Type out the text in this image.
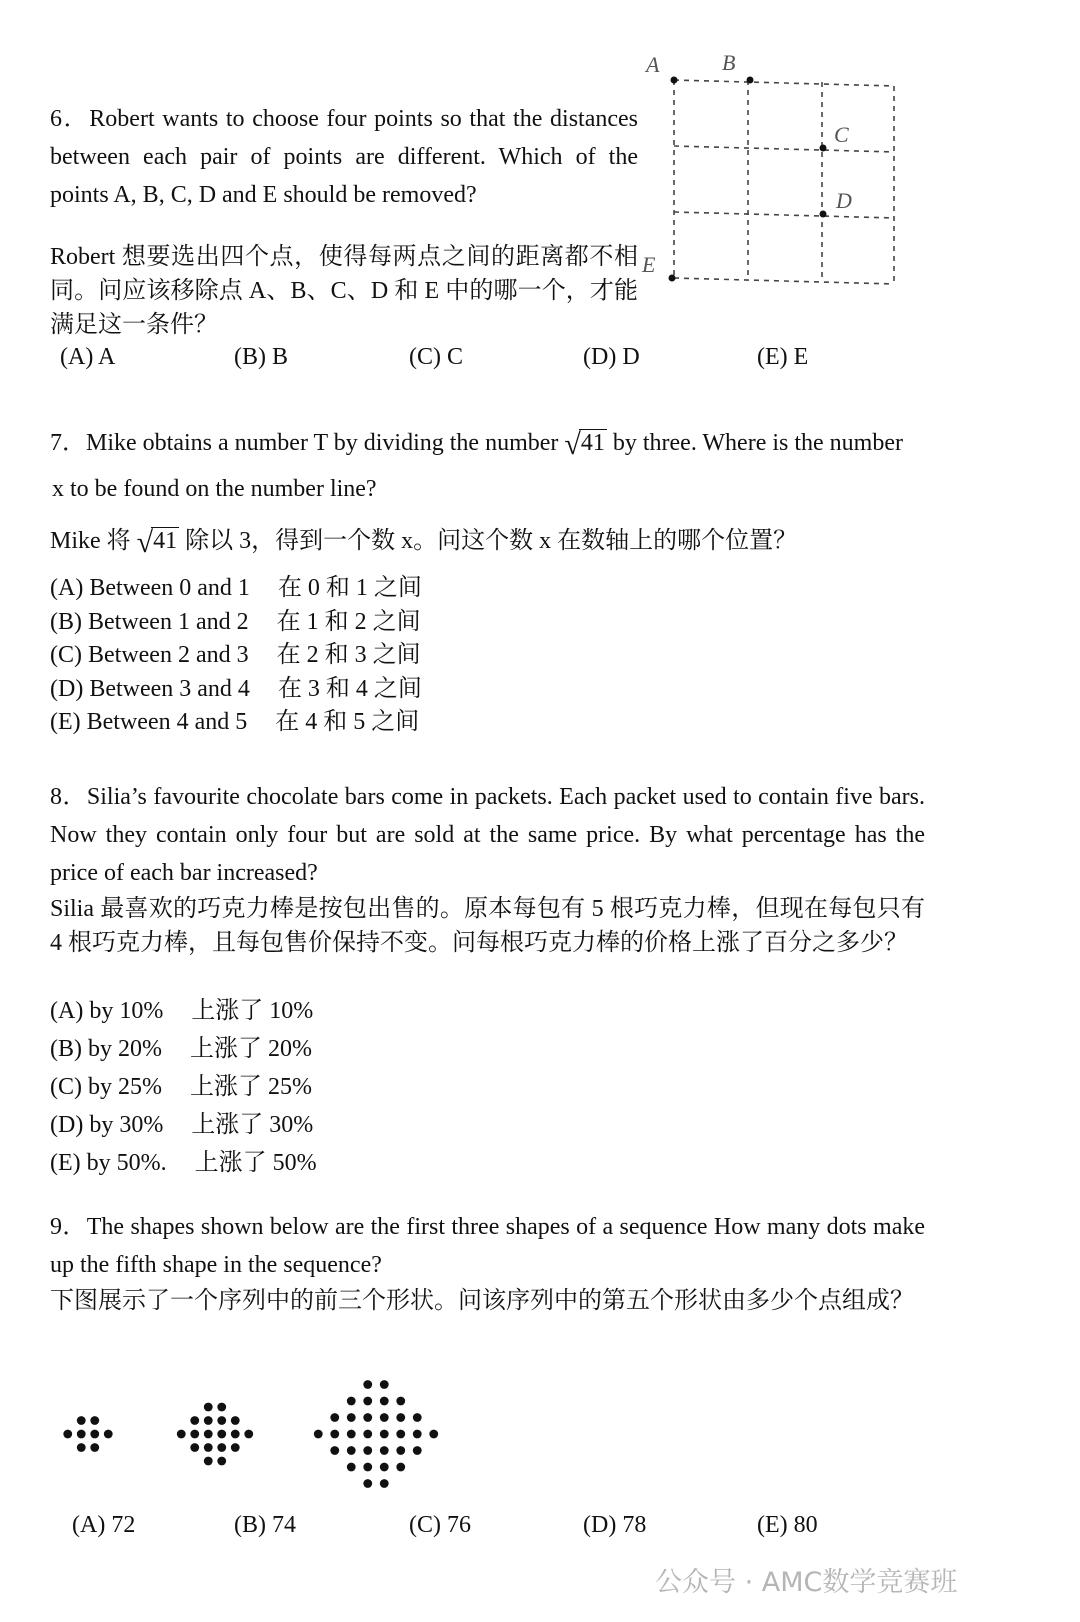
6．Robert wants to choose four points so that the distances between each pair of points are different. Which of the points A, B, C, D and E should be removed?
Robert 想要选出四个点，使得每两点之间的距离都不相同。问应该移除点 A、B、C、D 和 E 中的哪一个，才能满足这一条件？
A	B
C
D
E
(A) A	(B) B	(C) C	(D) D	(E) E
7．Mike obtains a number T by dividing the number √41 by three. Where is the number
x to be found on the number line?
Mike 将 √41 除以 3，得到一个数 x。问这个数 x 在数轴上的哪个位置？
(A) Between 0 and 1 在 0 和 1 之间
(B) Between 1 and 2 在 1 和 2 之间
(C) Between 2 and 3 在 2 和 3 之间
(D) Between 3 and 4 在 3 和 4 之间
(E) Between 4 and 5 在 4 和 5 之间
8．Silia’s favourite chocolate bars come in packets. Each packet used to contain five bars. Now they contain only four but are sold at the same price. By what percentage has the price of each bar increased?
Silia 最喜欢的巧克力棒是按包出售的。原本每包有 5 根巧克力棒，但现在每包只有 4 根巧克力棒，且每包售价保持不变。问每根巧克力棒的价格上涨了百分之多少？
(A) by 10% 上涨了 10%
(B) by 20% 上涨了 20%
(C) by 25% 上涨了 25%
(D) by 30% 上涨了 30%
(E) by 50%. 上涨了 50%
9．The shapes shown below are the first three shapes of a sequence How many dots make up the fifth shape in the sequence?
下图展示了一个序列中的前三个形状。问该序列中的第五个形状由多少个点组成？
(A) 72	(B) 74	(C) 76	(D) 78	(E) 80
公众号 · AMC数学竞赛班
